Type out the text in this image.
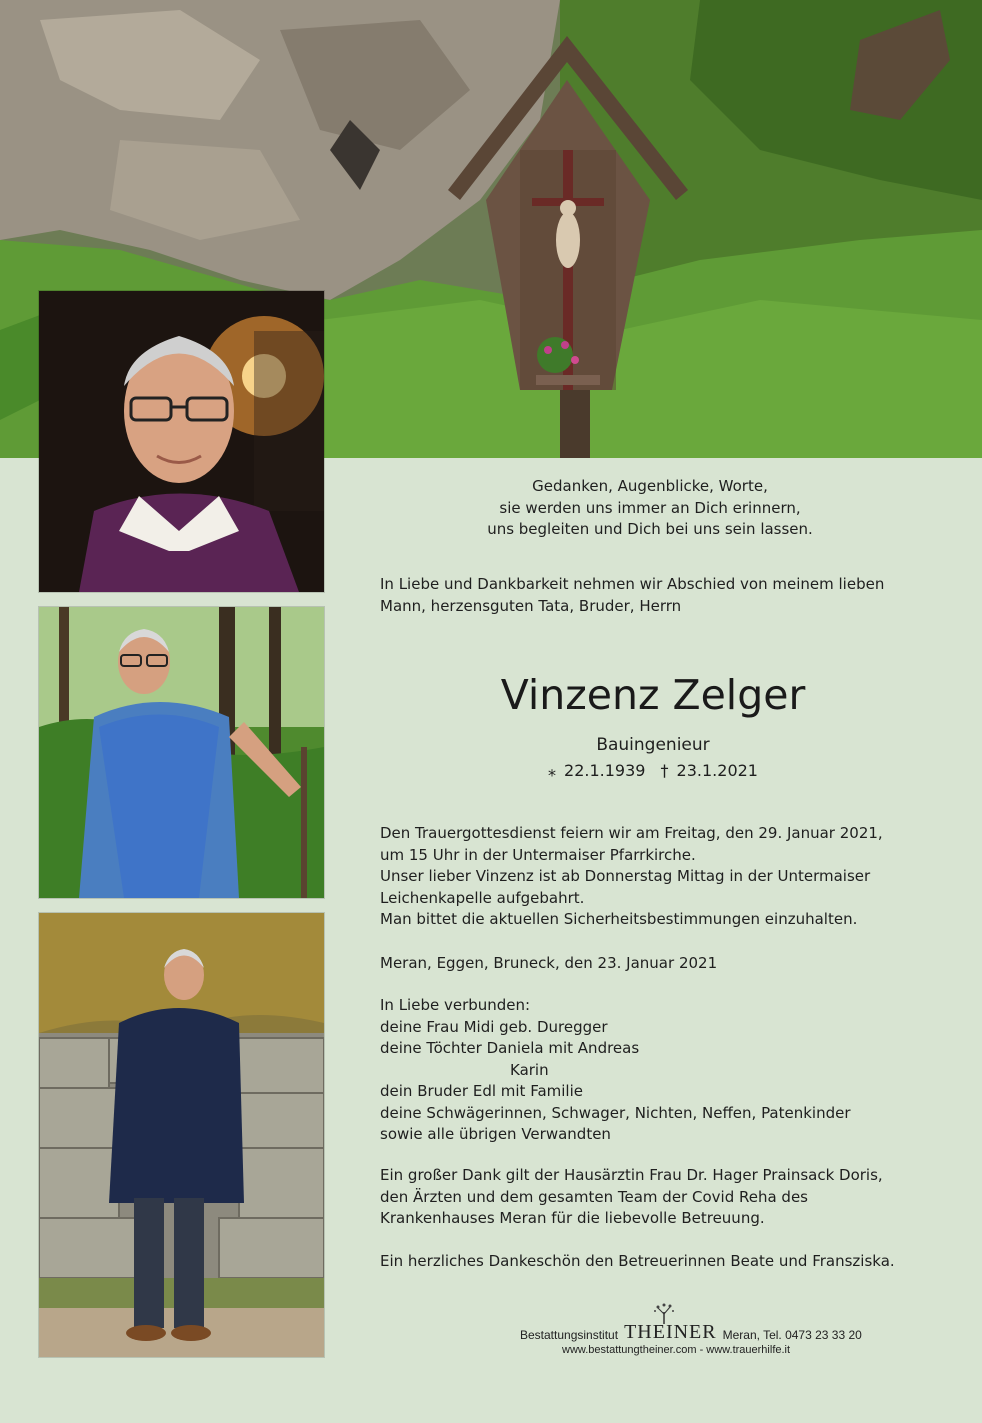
Gedanken, Augenblicke, Worte,
sie werden uns immer an Dich erinnern,
uns begleiten und Dich bei uns sein lassen.
In Liebe und Dankbarkeit nehmen wir Abschied von meinem lieben
Mann, herzensguten Tata, Bruder, Herrn
Vinzenz Zelger
Bauingenieur
⁎ 22.1.1939 † 23.1.2021
Den Trauergottesdienst feiern wir am Freitag, den 29. Januar 2021,
um 15 Uhr in der Untermaiser Pfarrkirche.
Unser lieber Vinzenz ist ab Donnerstag Mittag in der Untermaiser
Leichenkapelle aufgebahrt.
Man bittet die aktuellen Sicherheitsbestimmungen einzuhalten.
Meran, Eggen, Bruneck, den 23. Januar 2021
In Liebe verbunden:
deine Frau Midi geb. Duregger
deine Töchter Daniela mit Andreas
Karin
dein Bruder Edl mit Familie
deine Schwägerinnen, Schwager, Nichten, Neffen, Patenkinder
sowie alle übrigen Verwandten
Ein großer Dank gilt der Hausärztin Frau Dr. Hager Prainsack Doris,
den Ärzten und dem gesamten Team der Covid Reha des
Krankenhauses Meran für die liebevolle Betreuung.
Ein herzliches Dankeschön den Betreuerinnen Beate und Fransziska.
Bestattungsinstitut THEINER Meran, Tel. 0473 23 33 20
www.bestattungtheiner.com - www.trauerhilfe.it
